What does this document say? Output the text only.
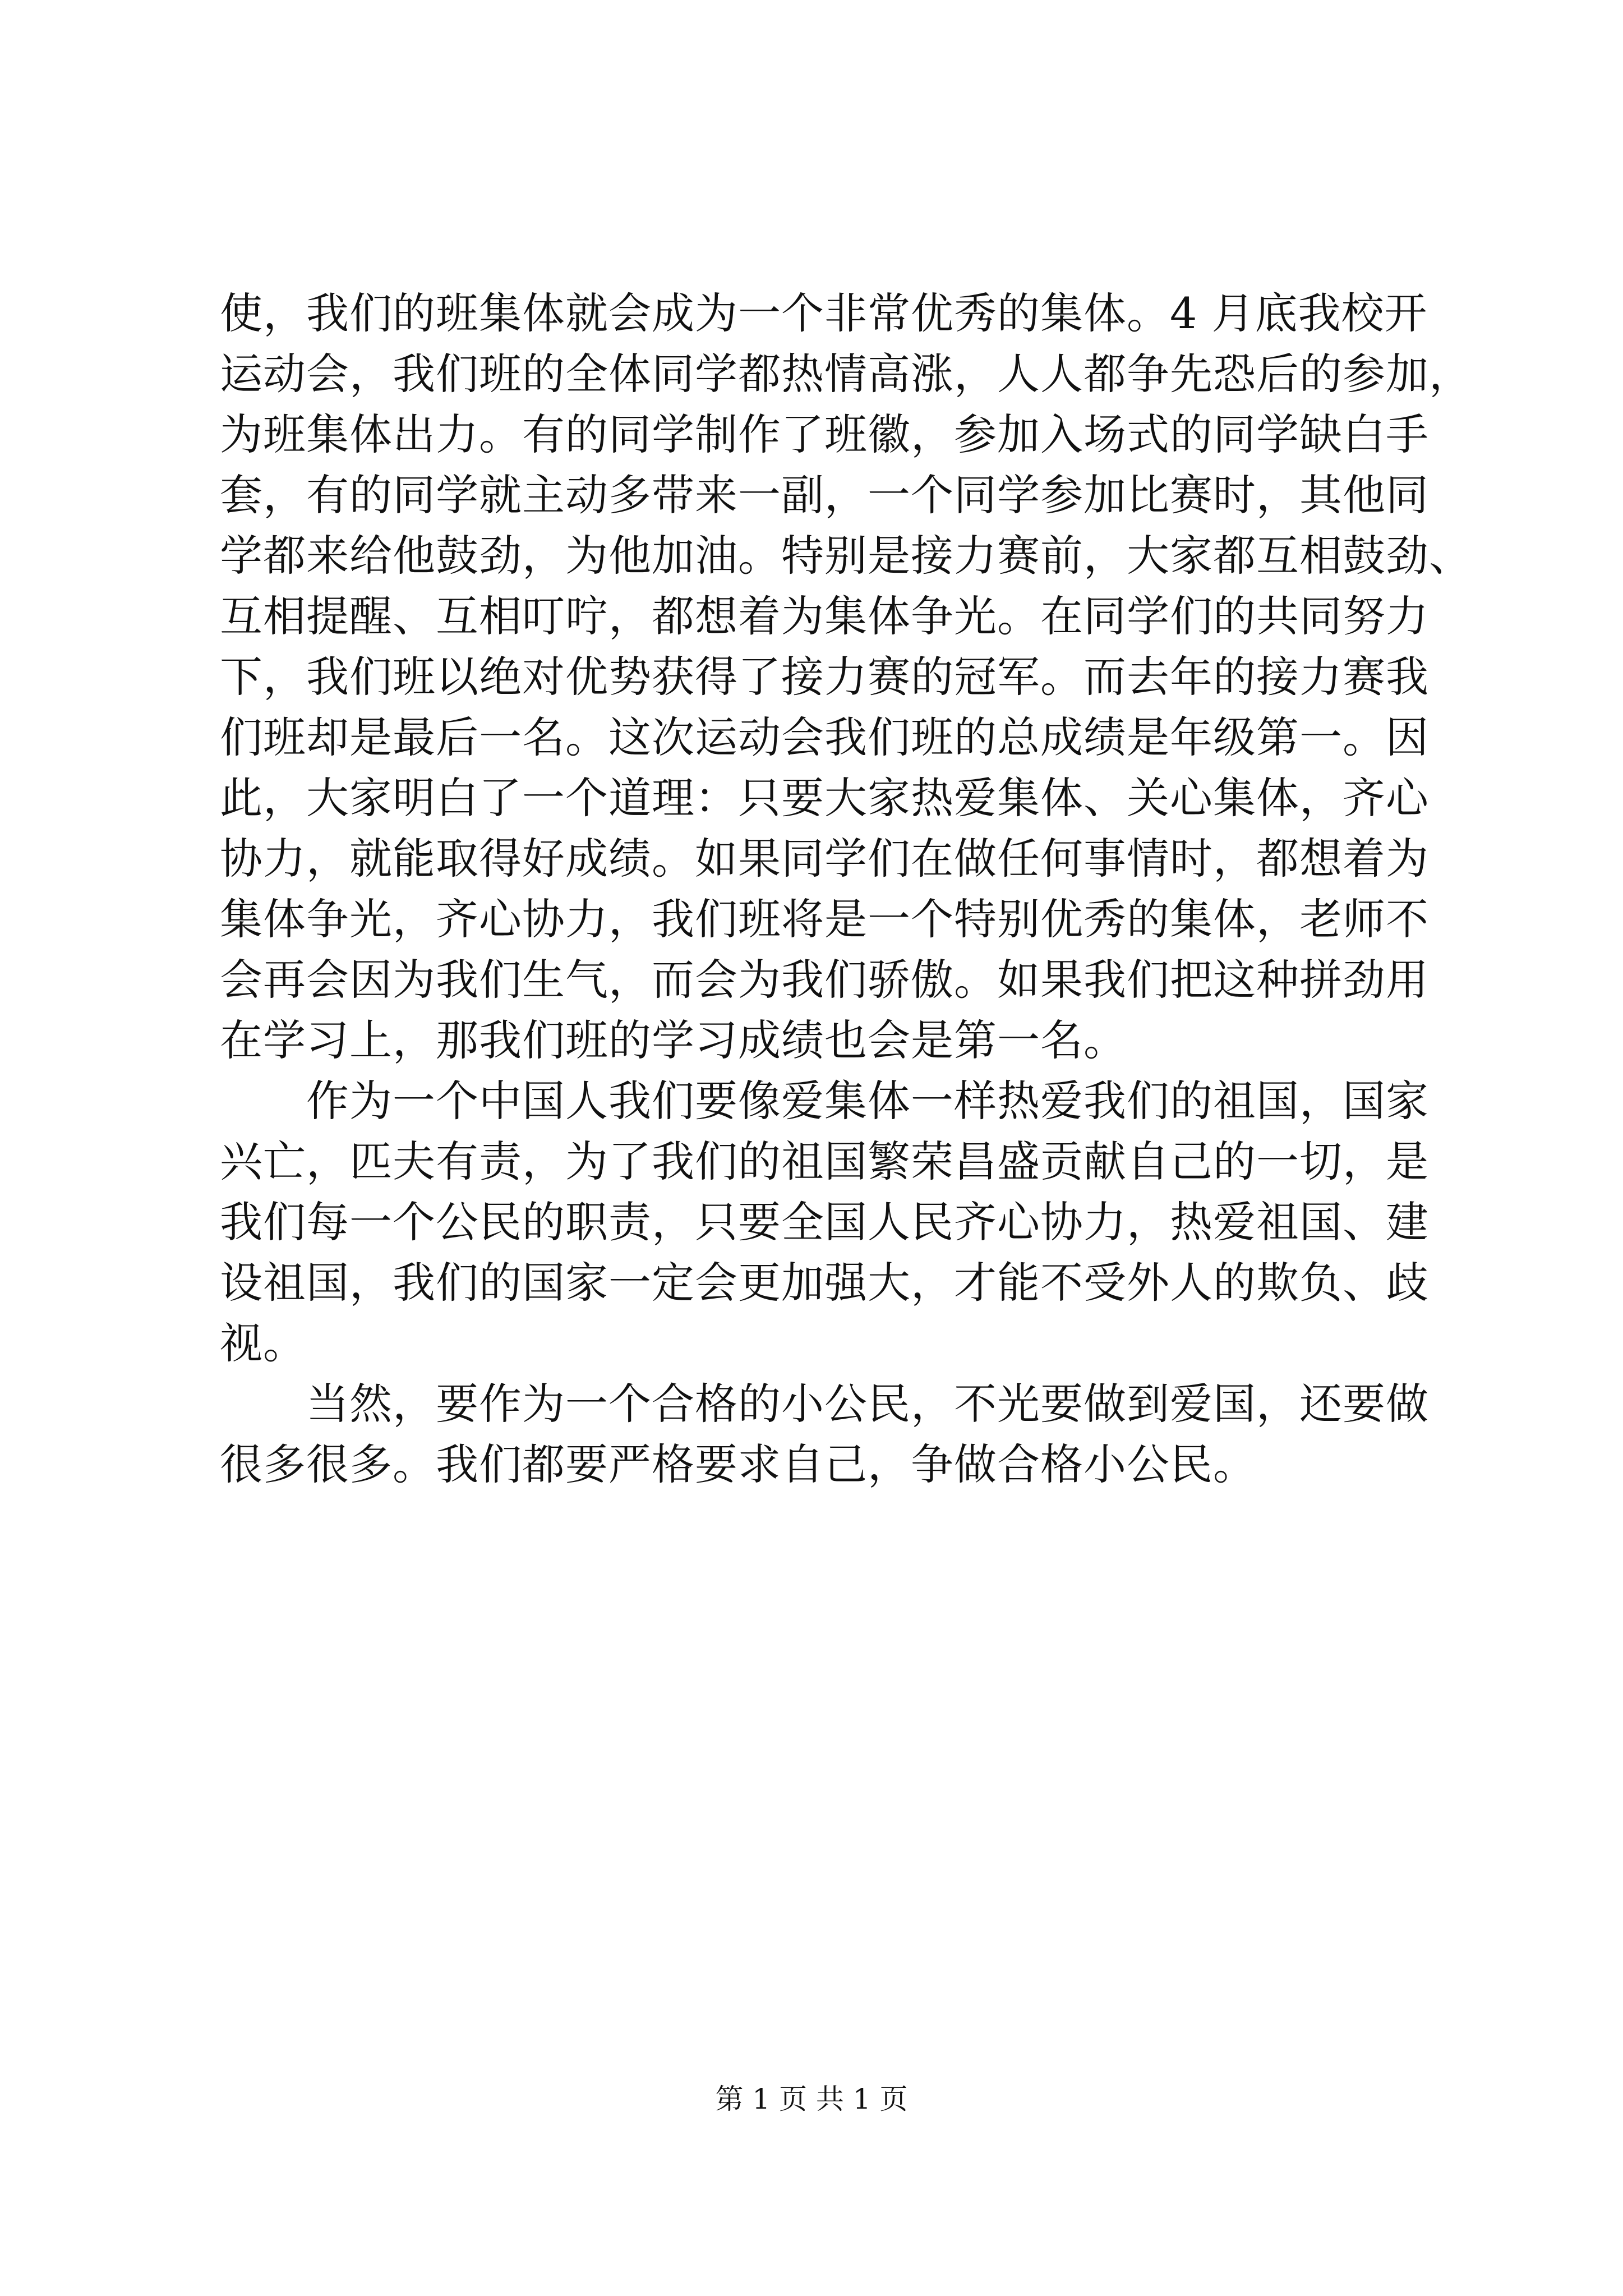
使，我们的班集体就会成为一个非常优秀的集体。4 月底我校开
运动会，我们班的全体同学都热情高涨，人人都争先恐后的参加，
为班集体出力。有的同学制作了班徽，参加入场式的同学缺白手
套，有的同学就主动多带来一副，一个同学参加比赛时，其他同
学都来给他鼓劲，为他加油。特别是接力赛前，大家都互相鼓劲、
互相提醒、互相叮咛，都想着为集体争光。在同学们的共同努力
下，我们班以绝对优势获得了接力赛的冠军。而去年的接力赛我
们班却是最后一名。这次运动会我们班的总成绩是年级第一。因
此，大家明白了一个道理：只要大家热爱集体、关心集体，齐心
协力，就能取得好成绩。如果同学们在做任何事情时，都想着为
集体争光，齐心协力，我们班将是一个特别优秀的集体，老师不
会再会因为我们生气，而会为我们骄傲。如果我们把这种拼劲用
在学习上，那我们班的学习成绩也会是第一名。
作为一个中国人我们要像爱集体一样热爱我们的祖国，国家
兴亡，匹夫有责，为了我们的祖国繁荣昌盛贡献自己的一切，是
我们每一个公民的职责，只要全国人民齐心协力，热爱祖国、建
设祖国，我们的国家一定会更加强大，才能不受外人的欺负、歧
视。
当然，要作为一个合格的小公民，不光要做到爱国，还要做
很多很多。我们都要严格要求自己，争做合格小公民。
第 1 页 共 1 页
